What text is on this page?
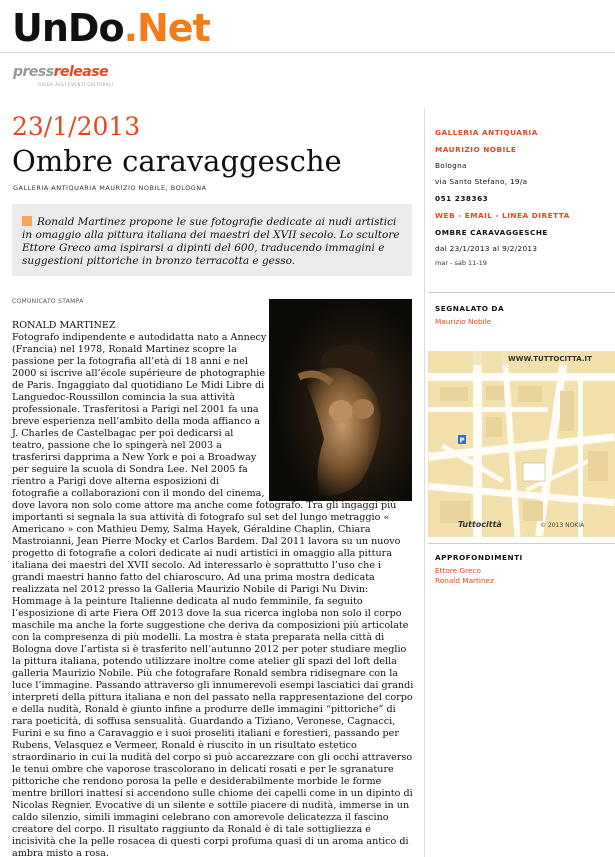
UnDo.Net
pressrelease
GUIDA AGLI EVENTI CULTURALI
23/1/2013
Ombre caravaggesche
GALLERIA ANTIQUARIA MAURIZIO NOBILE, BOLOGNA
Ronald Martinez propone le sue fotografie dedicate ai nudi artistici in omaggio alla pittura italiana dei maestri del XVII secolo. Lo scultore Ettore Greco ama ispirarsi a dipinti del 600, traducendo immagini e suggestioni pittoriche in bronzo terracotta e gesso.
COMUNICATO STAMPA
RONALD MARTINEZ
Fotografo indipendente e autodidatta nato a Annecy (Francia) nel 1978, Ronald Martinez scopre la passione per la fotografia all’età di 18 anni e nel 2000 si iscrive all’école supérieure de photographie de Paris. Ingaggiato dal quotidiano Le Midi Libre di Languedoc-Roussillon comincia la sua attività professionale. Trasferitosi a Parigi nel 2001 fa una breve esperienza nell’ambito della moda affianco a J. Charles de Castelbagac per poi dedicarsi al teatro, passione che lo spingerà nel 2003 a trasferirsi dapprima a New York e poi a Broadway per seguire la scuola di Sondra Lee. Nel 2005 fa rientro a Parigi dove alterna esposizioni di fotografie a collaborazioni con il mondo del cinema, dove lavora non solo come attore ma anche come fotografo. Tra gli ingaggi più importanti si segnala la sua attività di fotografo sul set del lungo metraggio « Americano » con Mathieu Demy, Salma Hayek, Géraldine Chaplin, Chiara Mastroianni, Jean Pierre Mocky et Carlos Bardem. Dal 2011 lavora su un nuovo progetto di fotografie a colori dedicate ai nudi artistici in omaggio alla pittura italiana dei maestri del XVII secolo. Ad interessarlo è soprattutto l’uso che i grandi maestri hanno fatto del chiaroscuro. Ad una prima mostra dedicata realizzata nel 2012 presso la Galleria Maurizio Nobile di Parigi Nu Divin: Hommage à la peinture Italienne dedicata al nudo femminile, fa seguito l’esposizione di arte Fiera Off 2013 dove la sua ricerca ingloba non solo il corpo maschile ma anche la forte suggestione che deriva da composizioni più articolate con la compresenza di più modelli. La mostra è stata preparata nella città di Bologna dove l’artista si è trasferito nell’autunno 2012 per poter studiare meglio la pittura italiana, potendo utilizzare inoltre come atelier gli spazi del loft della galleria Maurizio Nobile. Più che fotografare Ronald sembra ridisegnare con la luce l’immagine. Passando attraverso gli innumerevoli esempi lasciatici dai grandi interpreti della pittura italiana e non del passato nella rappresentazione del corpo e della nudità, Ronald è giunto infine a produrre delle immagini “pittoriche” di rara poeticità, di soffusa sensualità. Guardando a Tiziano, Veronese, Cagnacci, Furini e su fino a Caravaggio e i suoi proseliti italiani e forestieri, passando per Rubens, Velasquez e Vermeer, Ronald è riuscito in un risultato estetico straordinario in cui la nudità del corpo si può accarezzare con gli occhi attraverso le tenui ombre che vaporose trascolorano in delicati rosati e per le sgranature pittoriche che rendono porosa la pelle e desiderabilmente morbide le forme mentre brillori inattesi si accendono sulle chiome dei capelli come in un dipinto di Nicolas Regnier. Evocative di un silente e sottile piacere di nudità, immerse in un caldo silenzio, simili immagini celebrano con amorevole delicatezza il fascino creatore del corpo. Il risultato raggiunto da Ronald è di tale sottigliezza e incisività che la pelle rosacea di questi corpi profuma quasi di un aroma antico di ambra misto a rosa.
GALLERIA ANTIQUARIA
MAURIZIO NOBILE
Bologna
via Santo Stefano, 19/a
051 238363
WEB - EMAIL - LINEA DIRETTA
OMBRE CARAVAGGESCHE
dal 23/1/2013 al 9/2/2013
mar - sab 11-19
SEGNALATO DA
Maurizio Nobile
P
WWW.TUTTOCITTA.IT
Tuttocittà	© 2013 NOKIA
APPROFONDIMENTI
Ettore Greco
Ronald Martinez
